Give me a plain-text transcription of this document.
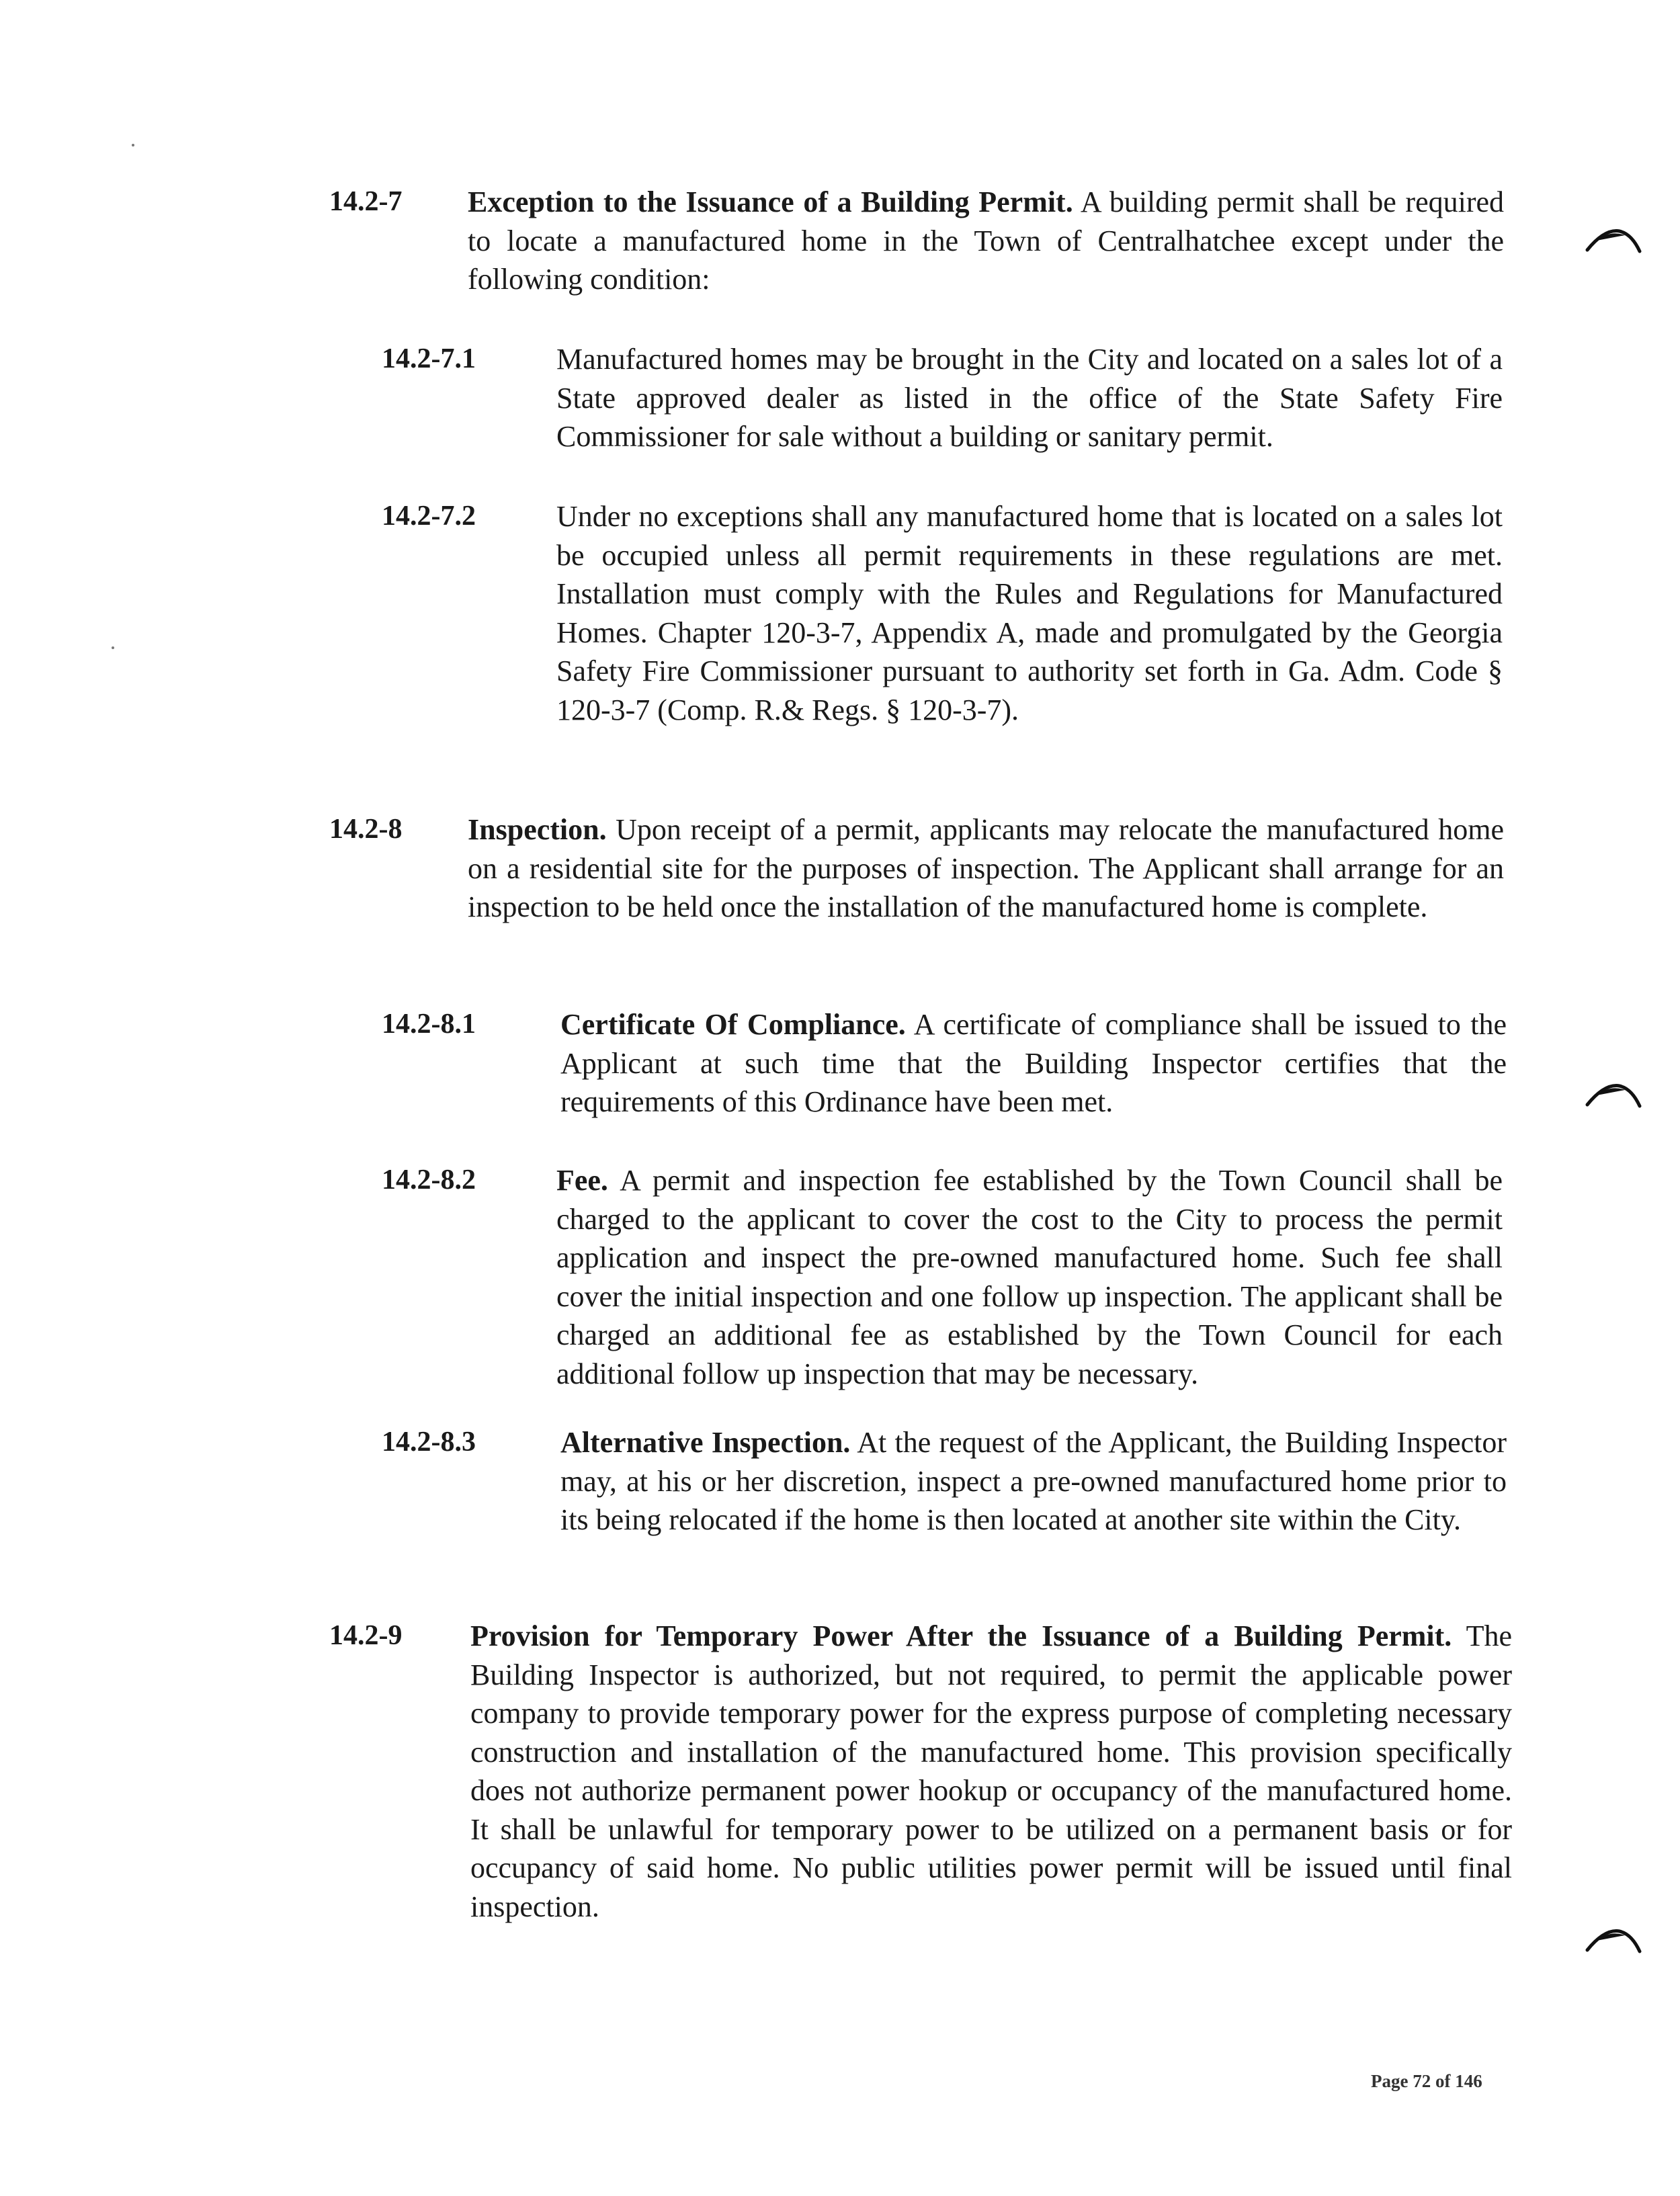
14.2-7 Exception to the Issuance of a Building Permit. A building permit shall be required to locate a manufactured home in the Town of Centralhatchee except under the following condition:
14.2-7.1	Manufactured homes may be brought in the City and located on a sales lot of a State approved dealer as listed in the office of the State Safety Fire Commissioner for sale without a building or sanitary permit.
14.2-7.2	Under no exceptions shall any manufactured home that is located on a sales lot be occupied unless all permit requirements in these regulations are met. Installation must comply with the Rules and Regulations for Manufactured Homes. Chapter 120-3-7, Appendix A, made and promulgated by the Georgia Safety Fire Commissioner pursuant to authority set forth in Ga. Adm. Code § 120-3-7 (Comp. R.& Regs. § 120-3-7).
14.2-8 Inspection. Upon receipt of a permit, applicants may relocate the manufactured home on a residential site for the purposes of inspection. The Applicant shall arrange for an inspection to be held once the installation of the manufactured home is complete.
14.2-8.1	Certificate Of Compliance. A certificate of compliance shall be issued to the Applicant at such time that the Building Inspector certifies that the requirements of this Ordinance have been met.
14.2-8.2	Fee. A permit and inspection fee established by the Town Council shall be charged to the applicant to cover the cost to the City to process the permit application and inspect the pre-owned manufactured home. Such fee shall cover the initial inspection and one follow up inspection. The applicant shall be charged an additional fee as established by the Town Council for each additional follow up inspection that may be necessary.
14.2-8.3	Alternative Inspection. At the request of the Applicant, the Building Inspector may, at his or her discretion, inspect a pre-owned manufactured home prior to its being relocated if the home is then located at another site within the City.
14.2-9 Provision for Temporary Power After the Issuance of a Building Permit. The Building Inspector is authorized, but not required, to permit the applicable power company to provide temporary power for the express purpose of completing necessary construction and installation of the manufactured home. This provision specifically does not authorize permanent power hookup or occupancy of the manufactured home. It shall be unlawful for temporary power to be utilized on a permanent basis or for occupancy of said home. No public utilities power permit will be issued until final inspection.
Page 72 of 146
